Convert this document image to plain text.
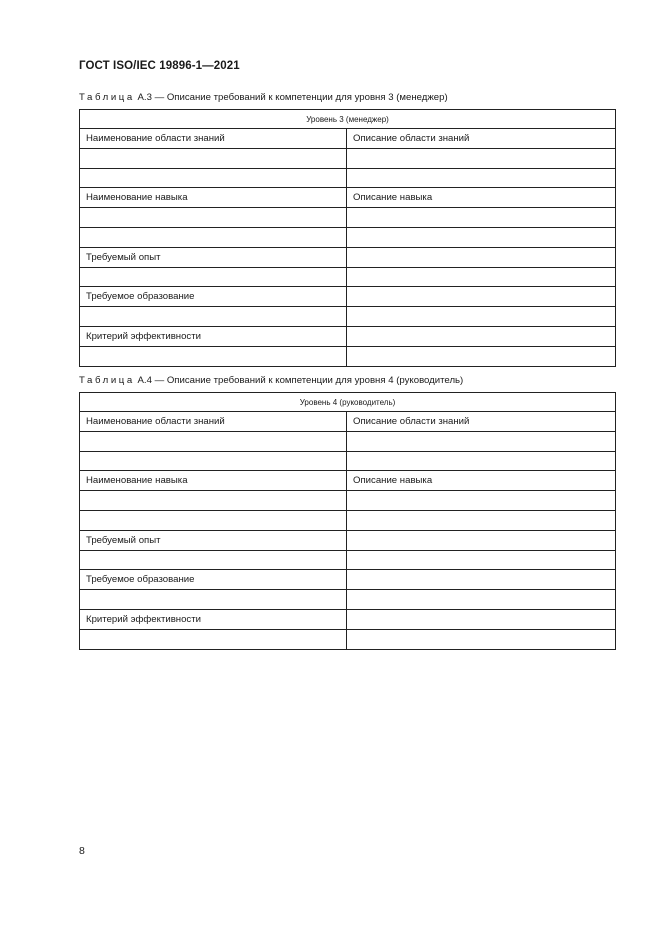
ГОСТ ISO/IEC 19896-1—2021
Таблица А.3 — Описание требований к компетенции для уровня 3 (менеджер)
Уровень 3 (менеджер)	
Наименование области знаний	Описание области знаний

Наименование навыка	Описание навыка

Требуемый опыт	

Требуемое образование	

Критерий эффективности	

Таблица А.4 — Описание требований к компетенции для уровня 4 (руководитель)
Уровень 4 (руководитель)	
Наименование области знаний	Описание области знаний

Наименование навыка	Описание навыка

Требуемый опыт	

Требуемое образование	

Критерий эффективности	

8
